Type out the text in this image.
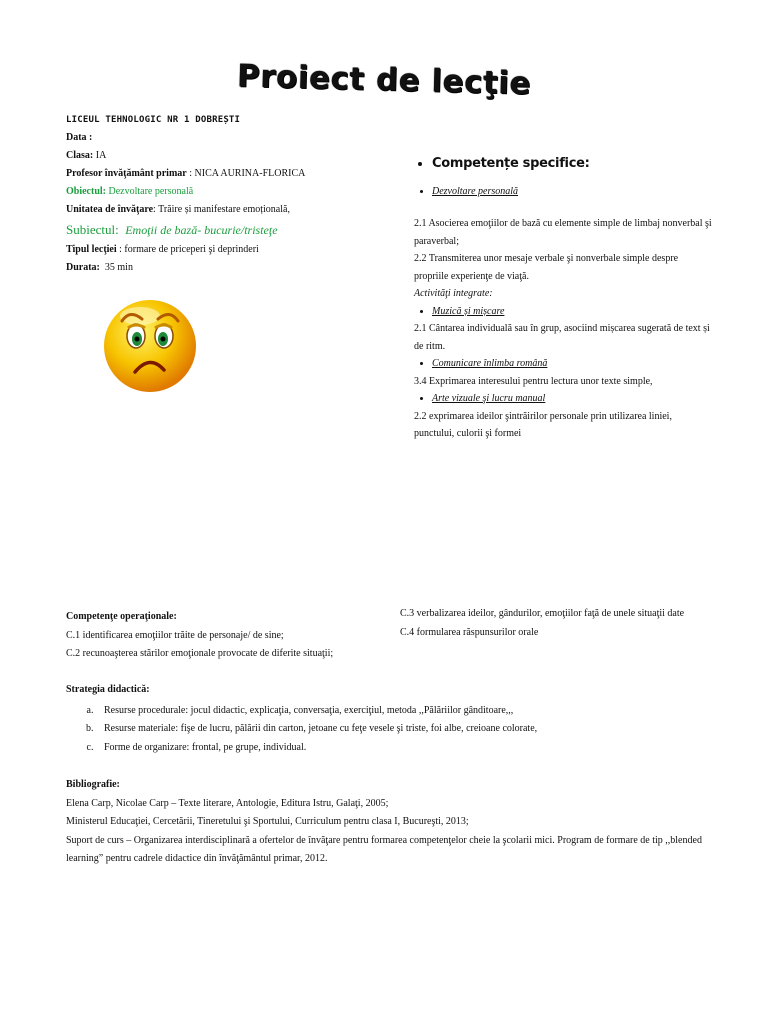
Proiect de lecţie
LICEUL TEHNOLOGIC NR 1 DOBREȘTI
Data :
Clasa: IA
Profesor învăţământ primar : NICA AURINA-FLORICA
Obiectul: Dezvoltare personală
Unitatea de învăţare: Trăire și manifestare emoțională,
Subiectul: Emoţii de bază- bucurie/tristeţe
Tipul lecţiei : formare de priceperi şi deprinderi
Durata: 35 min
• Competențe specifice:
• Dezvoltare personală
2.1 Asocierea emoţiilor de bază cu elemente simple de limbaj nonverbal şi paraverbal;
2.2 Transmiterea unor mesaje verbale şi nonverbale simple despre propriile experienţe de viaţă.
Activităţi integrate:
• Muzică și mișcare
2.1 Cântarea individuală sau în grup, asociind mișcarea sugerată de text și de ritm.
• Comunicare înlimba română
3.4 Exprimarea interesului pentru lectura unor texte simple,
• Arte vizuale şi lucru manual
2.2 exprimarea ideilor şintrăirilor personale prin utilizarea liniei, punctului, culorii şi formei
Competenţe operaţionale:
C.1 identificarea emoţiilor trăite de personaje/ de sine;
C.2 recunoaşterea stărilor emoţionale provocate de diferite situaţii;
C.3 verbalizarea ideilor, gândurilor, emoţiilor faţă de unele situaţii date
C.4 formularea răspunsurilor orale
Strategia didactică:
a. Resurse procedurale: jocul didactic, explicaţia, conversaţia, exerciţiul, metoda ,,Pălăriilor gânditoare,,,
b. Resurse materiale: fişe de lucru, pălării din carton, jetoane cu feţe vesele şi triste, foi albe, creioane colorate,
c. Forme de organizare: frontal, pe grupe, individual.
Bibliografie:
Elena Carp, Nicolae Carp – Texte literare, Antologie, Editura Istru, Galaţi, 2005;
Ministerul Educaţiei, Cercetării, Tineretului şi Sportului, Curriculum pentru clasa I, Bucureşti, 2013;
Suport de curs – Organizarea interdisciplinară a ofertelor de învăţare pentru formarea competenţelor cheie la şcolarii mici. Program de formare de tip ,,blended learning” pentru cadrele didactice din învăţământul primar, 2012.
